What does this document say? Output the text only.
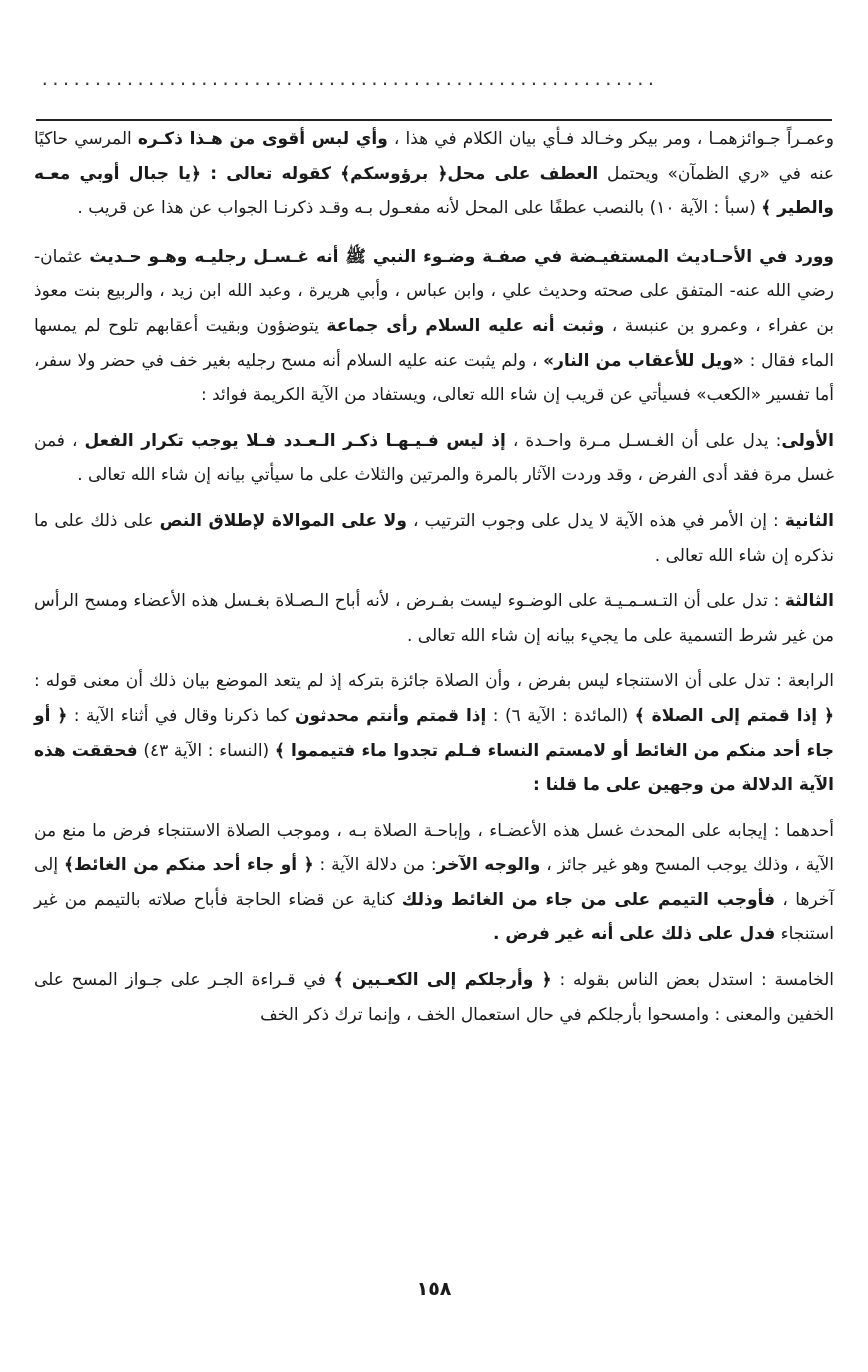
..........................................................

وعمـراً جـوائزهمـا ، ومر بيكر وخـالد فـأي بيان الكلام في هذا ، وأي لبس أقوى من هـذا ذكـره المرسي حاكيًا عنه في «ري الظمآن» ويحتمل العطف على محل﴿ برؤوسكم﴾ كقوله تعالى : ﴿يا جبال أوبي معـه والطير ﴾ (سبأ : الآية ١٠) بالنصب عطفًا على المحل لأنه مفعـول بـه وقـد ذكرنـا الجواب عن هذا عن قريب .

وورد في الأحـاديث المستفيـضة في صفـة وضـوء النبي ﷺ أنه غـسـل رجليـه وهـو حـديث عثمان-رضي الله عنه- المتفق على صحته وحديث علي ، وابن عباس ، وأبي هريرة ، وعبد الله ابن زيد ، والربيع بنت معوذ بن عفراء ، وعمرو بن عنبسة ، وثبت أنه عليه السلام رأى جماعة يتوضؤون وبقيت أعقابهم تلوح لم يمسها الماء فقال : «ويل للأعقاب من النار» ، ولم يثبت عنه عليه السلام أنه مسح رجليه بغير خف في حضر ولا سفر، أما تفسير «الكعب» فسيأتي عن قريب إن شاء الله تعالى، ويستفاد من الآية الكريمة فوائد :

الأولى: يدل على أن الغـسـل مـرة واحـدة ، إذ ليس فـيـهـا ذكـر الـعـدد فـلا يوجب تكرار الفعل ، فمن غسل مرة فقد أدى الفرض ، وقد وردت الآثار بالمرة والمرتين والثلاث على ما سيأتي بيانه إن شاء الله تعالى .

الثانية : إن الأمر في هذه الآية لا يدل على وجوب الترتيب ، ولا على الموالاة لإطلاق النص على ذلك على ما نذكره إن شاء الله تعالى .

الثالثة : تدل على أن التـسـمـيـة على الوضـوء ليست بفـرض ، لأنه أباح الـصـلاة بغـسل هذه الأعضاء ومسح الرأس من غير شرط التسمية على ما يجيء بيانه إن شاء الله تعالى .

الرابعة : تدل على أن الاستنجاء ليس بفرض ، وأن الصلاة جائزة بتركه إذ لم يتعد الموضع بيان ذلك أن معنى قوله : ﴿ إذا قمتم إلى الصلاة ﴾ (المائدة : الآية ٦) : إذا قمتم وأنتم محدثون كما ذكرنا وقال في أثناء الآية : ﴿ أو جاء أحد منكم من الغائط أو لامستم النساء فـلم تجدوا ماء فتيمموا ﴾ (النساء : الآية ٤٣) فحققت هذه الآية الدلالة من وجهين على ما قلنا :

أحدهما : إيجابه على المحدث غسل هذه الأعضـاء ، وإباحـة الصلاة بـه ، وموجب الصلاة الاستنجاء فرض ما منع من الآية ، وذلك يوجب المسح وهو غير جائز ، والوجه الآخر: من دلالة الآية : ﴿ أو جاء أحد منكم من الغائط﴾ إلى آخرها ، فأوجب التيمم على من جاء من الغائط وذلك كناية عن قضاء الحاجة فأباح صلاته بالتيمم من غير استنجاء فدل على ذلك على أنه غير فرض .

الخامسة : استدل بعض الناس بقوله : ﴿ وأرجلكم إلى الكعـبين ﴾ في قـراءة الجـر على جـواز المسح على الخفين والمعنى : وامسحوا بأرجلكم في حال استعمال الخف ، وإنما ترك ذكر الخف

١٥٨
